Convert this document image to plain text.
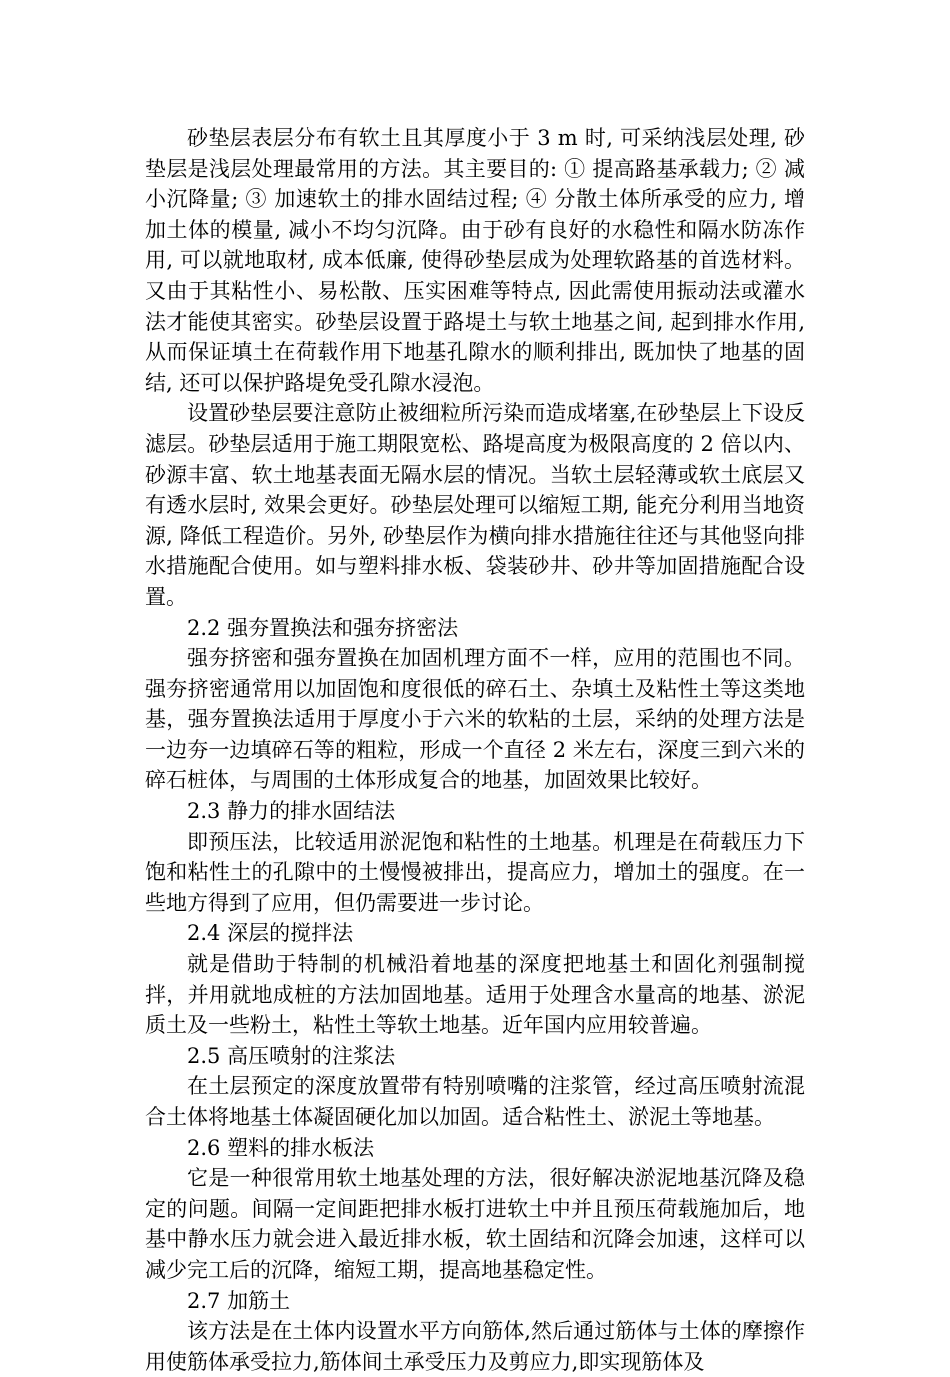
砂垫层表层分布有软土且其厚度小于 3 m 时, 可采纳浅层处理, 砂垫层是浅层处理最常用的方法。其主要目的: ① 提高路基承载力; ② 减小沉降量; ③ 加速软土的排水固结过程; ④ 分散土体所承受的应力, 增加土体的模量, 减小不均匀沉降。由于砂有良好的水稳性和隔水防冻作用, 可以就地取材, 成本低廉, 使得砂垫层成为处理软路基的首选材料。又由于其粘性小、易松散、压实困难等特点, 因此需使用振动法或灌水法才能使其密实。砂垫层设置于路堤土与软土地基之间, 起到排水作用, 从而保证填土在荷载作用下地基孔隙水的顺利排出, 既加快了地基的固结, 还可以保护路堤免受孔隙水浸泡。

设置砂垫层要注意防止被细粒所污染而造成堵塞,在砂垫层上下设反滤层。砂垫层适用于施工期限宽松、路堤高度为极限高度的 2 倍以内、砂源丰富、软土地基表面无隔水层的情况。当软土层轻薄或软土底层又有透水层时, 效果会更好。砂垫层处理可以缩短工期, 能充分利用当地资源, 降低工程造价。另外, 砂垫层作为横向排水措施往往还与其他竖向排水措施配合使用。如与塑料排水板、袋装砂井、砂井等加固措施配合设置。

2.2 强夯置换法和强夯挤密法

强夯挤密和强夯置换在加固机理方面不一样，应用的范围也不同。强夯挤密通常用以加固饱和度很低的碎石土、杂填土及粘性土等这类地基，强夯置换法适用于厚度小于六米的软粘的土层，采纳的处理方法是一边夯一边填碎石等的粗粒，形成一个直径 2 米左右，深度三到六米的碎石桩体，与周围的土体形成复合的地基，加固效果比较好。

2.3 静力的排水固结法

即预压法，比较适用淤泥饱和粘性的土地基。机理是在荷载压力下饱和粘性土的孔隙中的土慢慢被排出，提高应力，增加土的强度。在一些地方得到了应用，但仍需要进一步讨论。

2.4 深层的搅拌法

就是借助于特制的机械沿着地基的深度把地基土和固化剂强制搅拌，并用就地成桩的方法加固地基。适用于处理含水量高的地基、淤泥质土及一些粉土，粘性土等软土地基。近年国内应用较普遍。

2.5 高压喷射的注浆法

在土层预定的深度放置带有特别喷嘴的注浆管，经过高压喷射流混合土体将地基土体凝固硬化加以加固。适合粘性土、淤泥土等地基。

2.6 塑料的排水板法

它是一种很常用软土地基处理的方法，很好解决淤泥地基沉降及稳定的问题。间隔一定间距把排水板打进软土中并且预压荷载施加后，地基中静水压力就会进入最近排水板，软土固结和沉降会加速，这样可以减少完工后的沉降，缩短工期，提高地基稳定性。

2.7 加筋土

该方法是在土体内设置水平方向筋体,然后通过筋体与土体的摩擦作用使筋体承受拉力,筋体间土承受压力及剪应力,即实现筋体及
